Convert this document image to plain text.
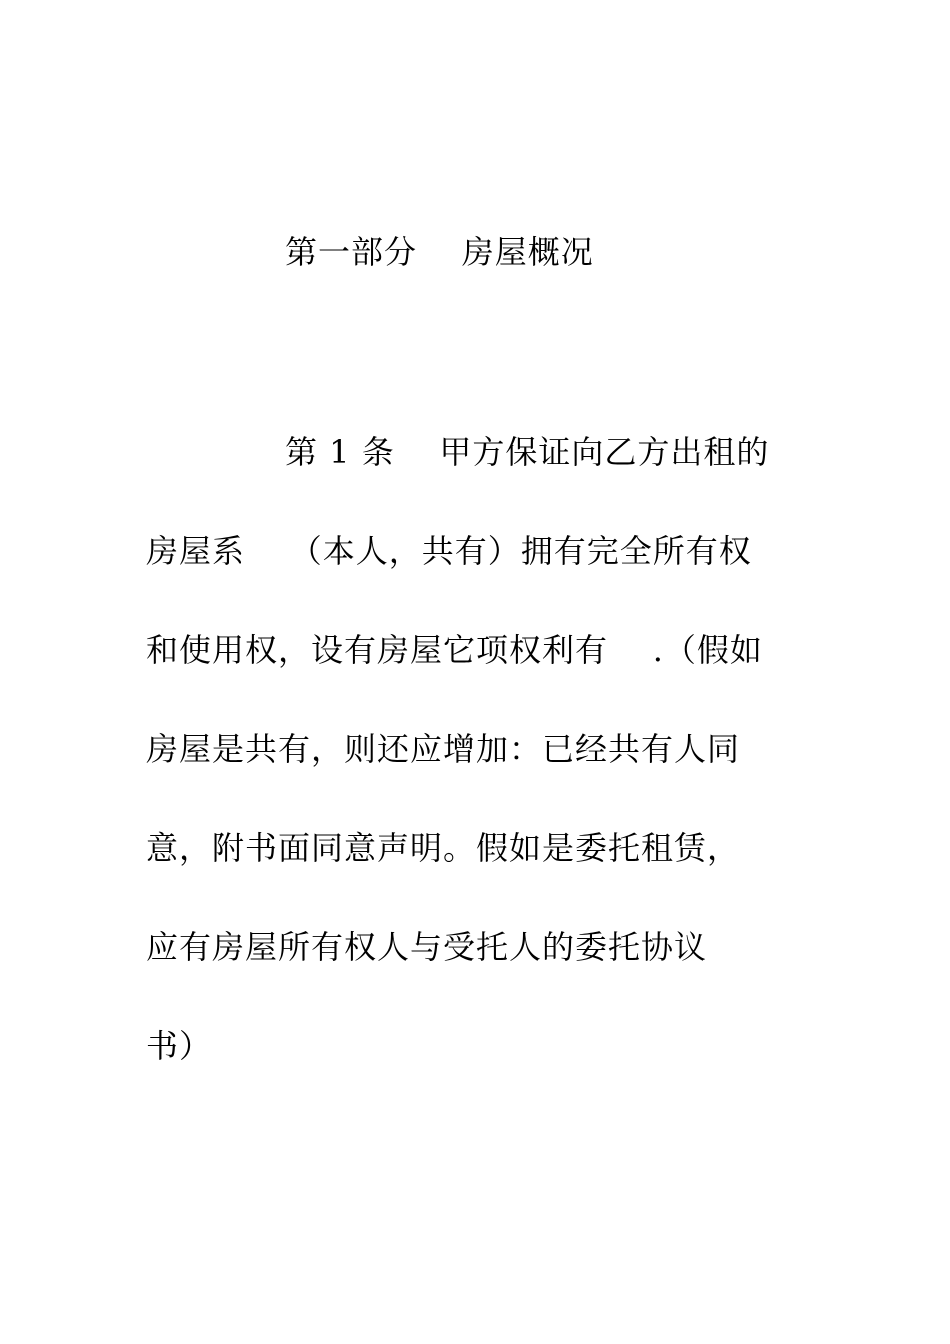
第一部分    房屋概况
第 1 条    甲方保证向乙方出租的
房屋系    （本人，共有）拥有完全所有权
和使用权，设有房屋它项权利有    .（假如
房屋是共有，则还应增加：已经共有人同
意，附书面同意声明。假如是委托租赁，
应有房屋所有权人与受托人的委托协议
书）
